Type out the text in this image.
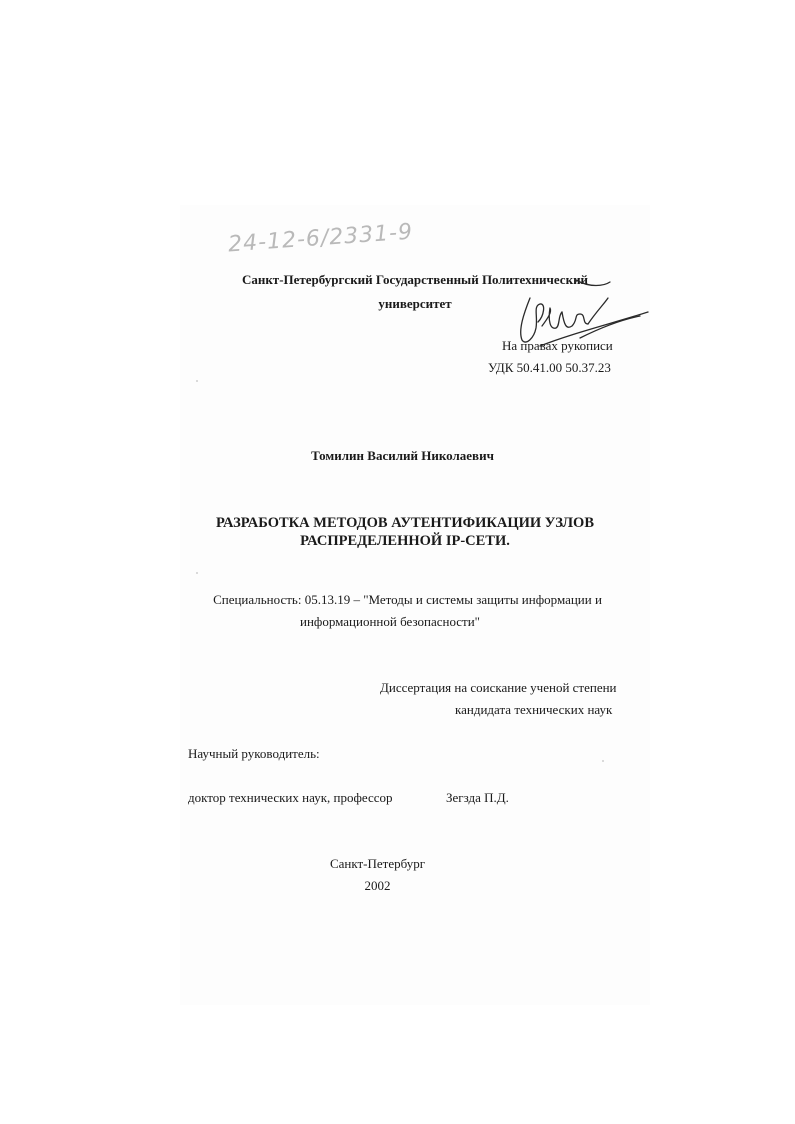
24-12-6/2331-9
Санкт-Петербургский Государственный Политехнический
университет
На правах рукописи
УДК 50.41.00 50.37.23
Томилин Василий Николаевич
РАЗРАБОТКА МЕТОДОВ АУТЕНТИФИКАЦИИ УЗЛОВ РАСПРЕДЕЛЕННОЙ IP-СЕТИ.
Специальность: 05.13.19 – "Методы и системы защиты информации и
информационной безопасности"
Диссертация на соискание ученой степени
кандидата технических наук
Научный руководитель:
доктор технических наук, профессор	Зегзда П.Д.
Санкт-Петербург
2002
